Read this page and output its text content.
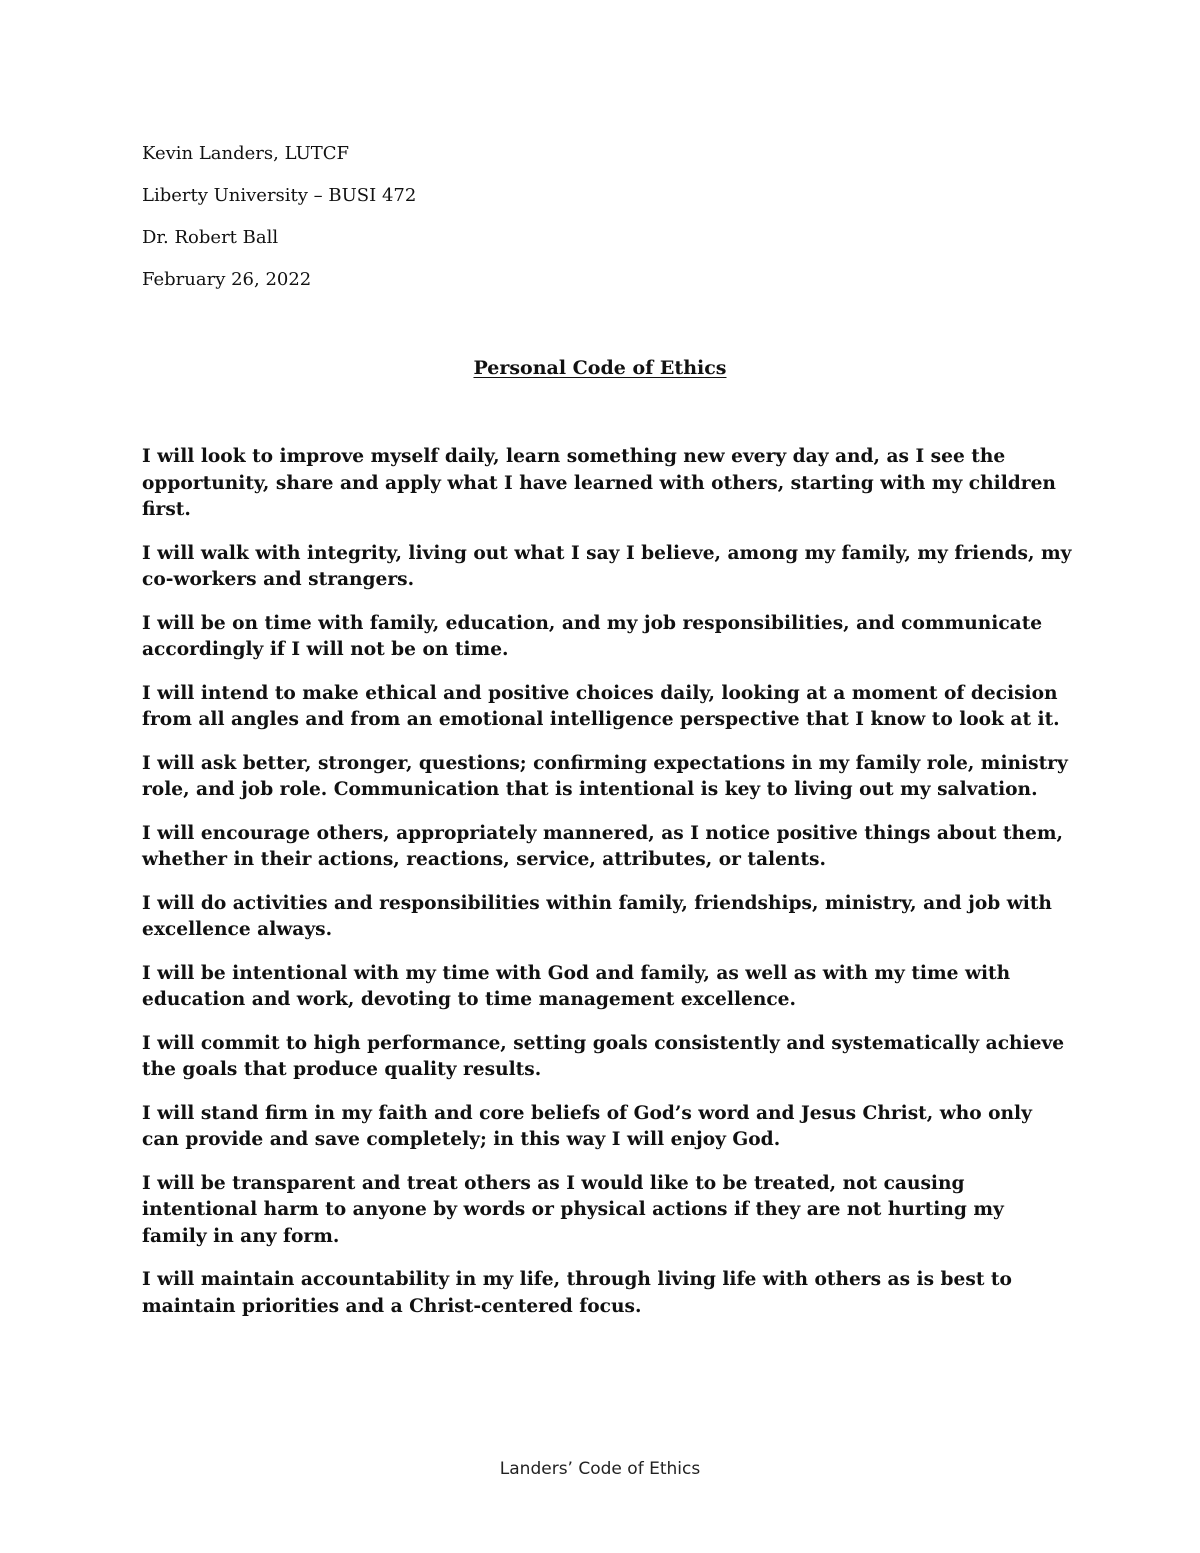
Kevin Landers, LUTCF

Liberty University – BUSI 472

Dr. Robert Ball

February 26, 2022

Personal Code of Ethics

I will look to improve myself daily, learn something new every day and, as I see the opportunity, share and apply what I have learned with others, starting with my children first.

I will walk with integrity, living out what I say I believe, among my family, my friends, my co-workers and strangers.

I will be on time with family, education, and my job responsibilities, and communicate accordingly if I will not be on time.

I will intend to make ethical and positive choices daily, looking at a moment of decision from all angles and from an emotional intelligence perspective that I know to look at it.

I will ask better, stronger, questions; confirming expectations in my family role, ministry role, and job role. Communication that is intentional is key to living out my salvation.

I will encourage others, appropriately mannered, as I notice positive things about them, whether in their actions, reactions, service, attributes, or talents.

I will do activities and responsibilities within family, friendships, ministry, and job with excellence always.

I will be intentional with my time with God and family, as well as with my time with education and work, devoting to time management excellence.

I will commit to high performance, setting goals consistently and systematically achieve the goals that produce quality results.

I will stand firm in my faith and core beliefs of God’s word and Jesus Christ, who only can provide and save completely; in this way I will enjoy God.

I will be transparent and treat others as I would like to be treated, not causing intentional harm to anyone by words or physical actions if they are not hurting my family in any form.

I will maintain accountability in my life, through living life with others as is best to maintain priorities and a Christ-centered focus.

Landers’ Code of Ethics
